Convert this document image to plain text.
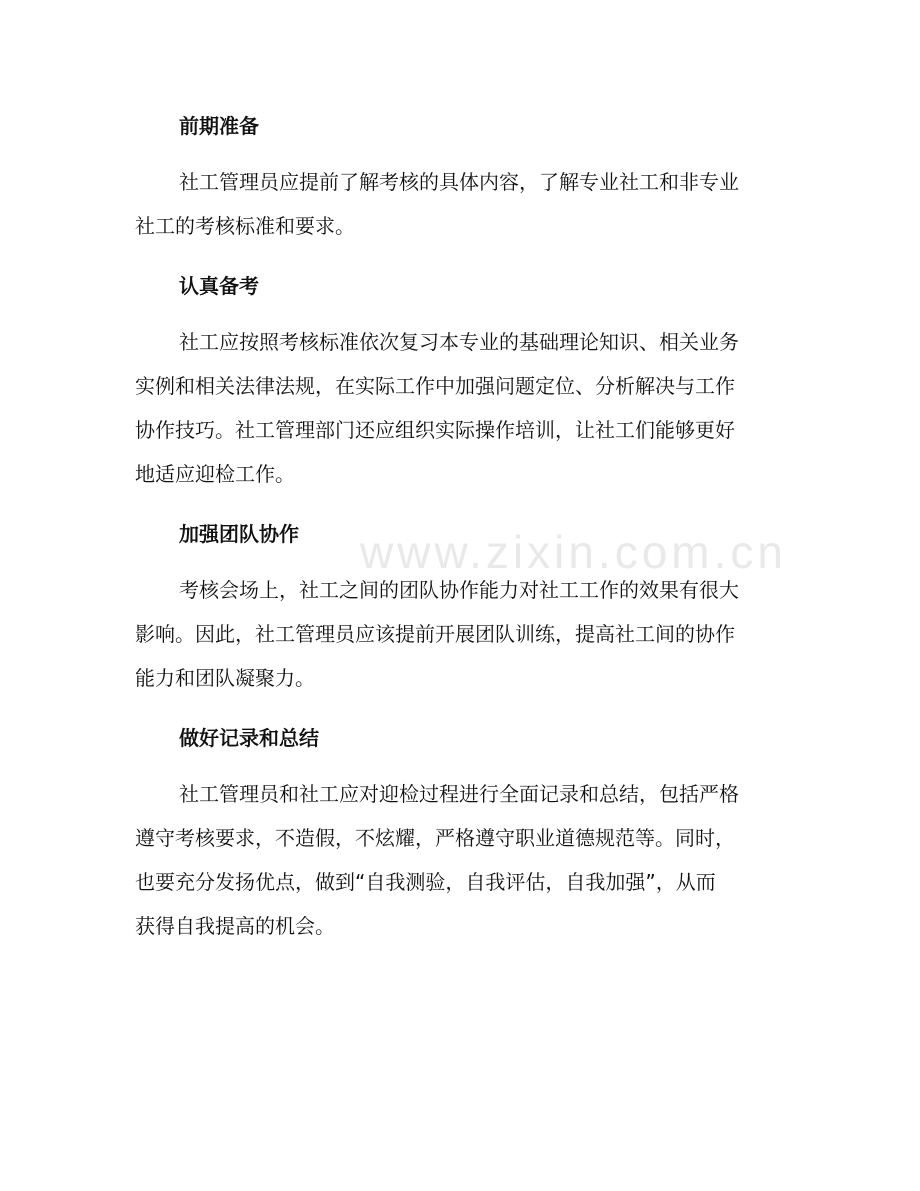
www.zixin.com.cn
前期准备
社工管理员应提前了解考核的具体内容，了解专业社工和非专业
社工的考核标准和要求。
认真备考
社工应按照考核标准依次复习本专业的基础理论知识、相关业务
实例和相关法律法规，在实际工作中加强问题定位、分析解决与工作
协作技巧。社工管理部门还应组织实际操作培训，让社工们能够更好
地适应迎检工作。
加强团队协作
考核会场上，社工之间的团队协作能力对社工工作的效果有很大
影响。因此，社工管理员应该提前开展团队训练，提高社工间的协作
能力和团队凝聚力。
做好记录和总结
社工管理员和社工应对迎检过程进行全面记录和总结，包括严格
遵守考核要求，不造假，不炫耀，严格遵守职业道德规范等。同时，
也要充分发扬优点，做到“自我测验，自我评估，自我加强”，从而
获得自我提高的机会。
